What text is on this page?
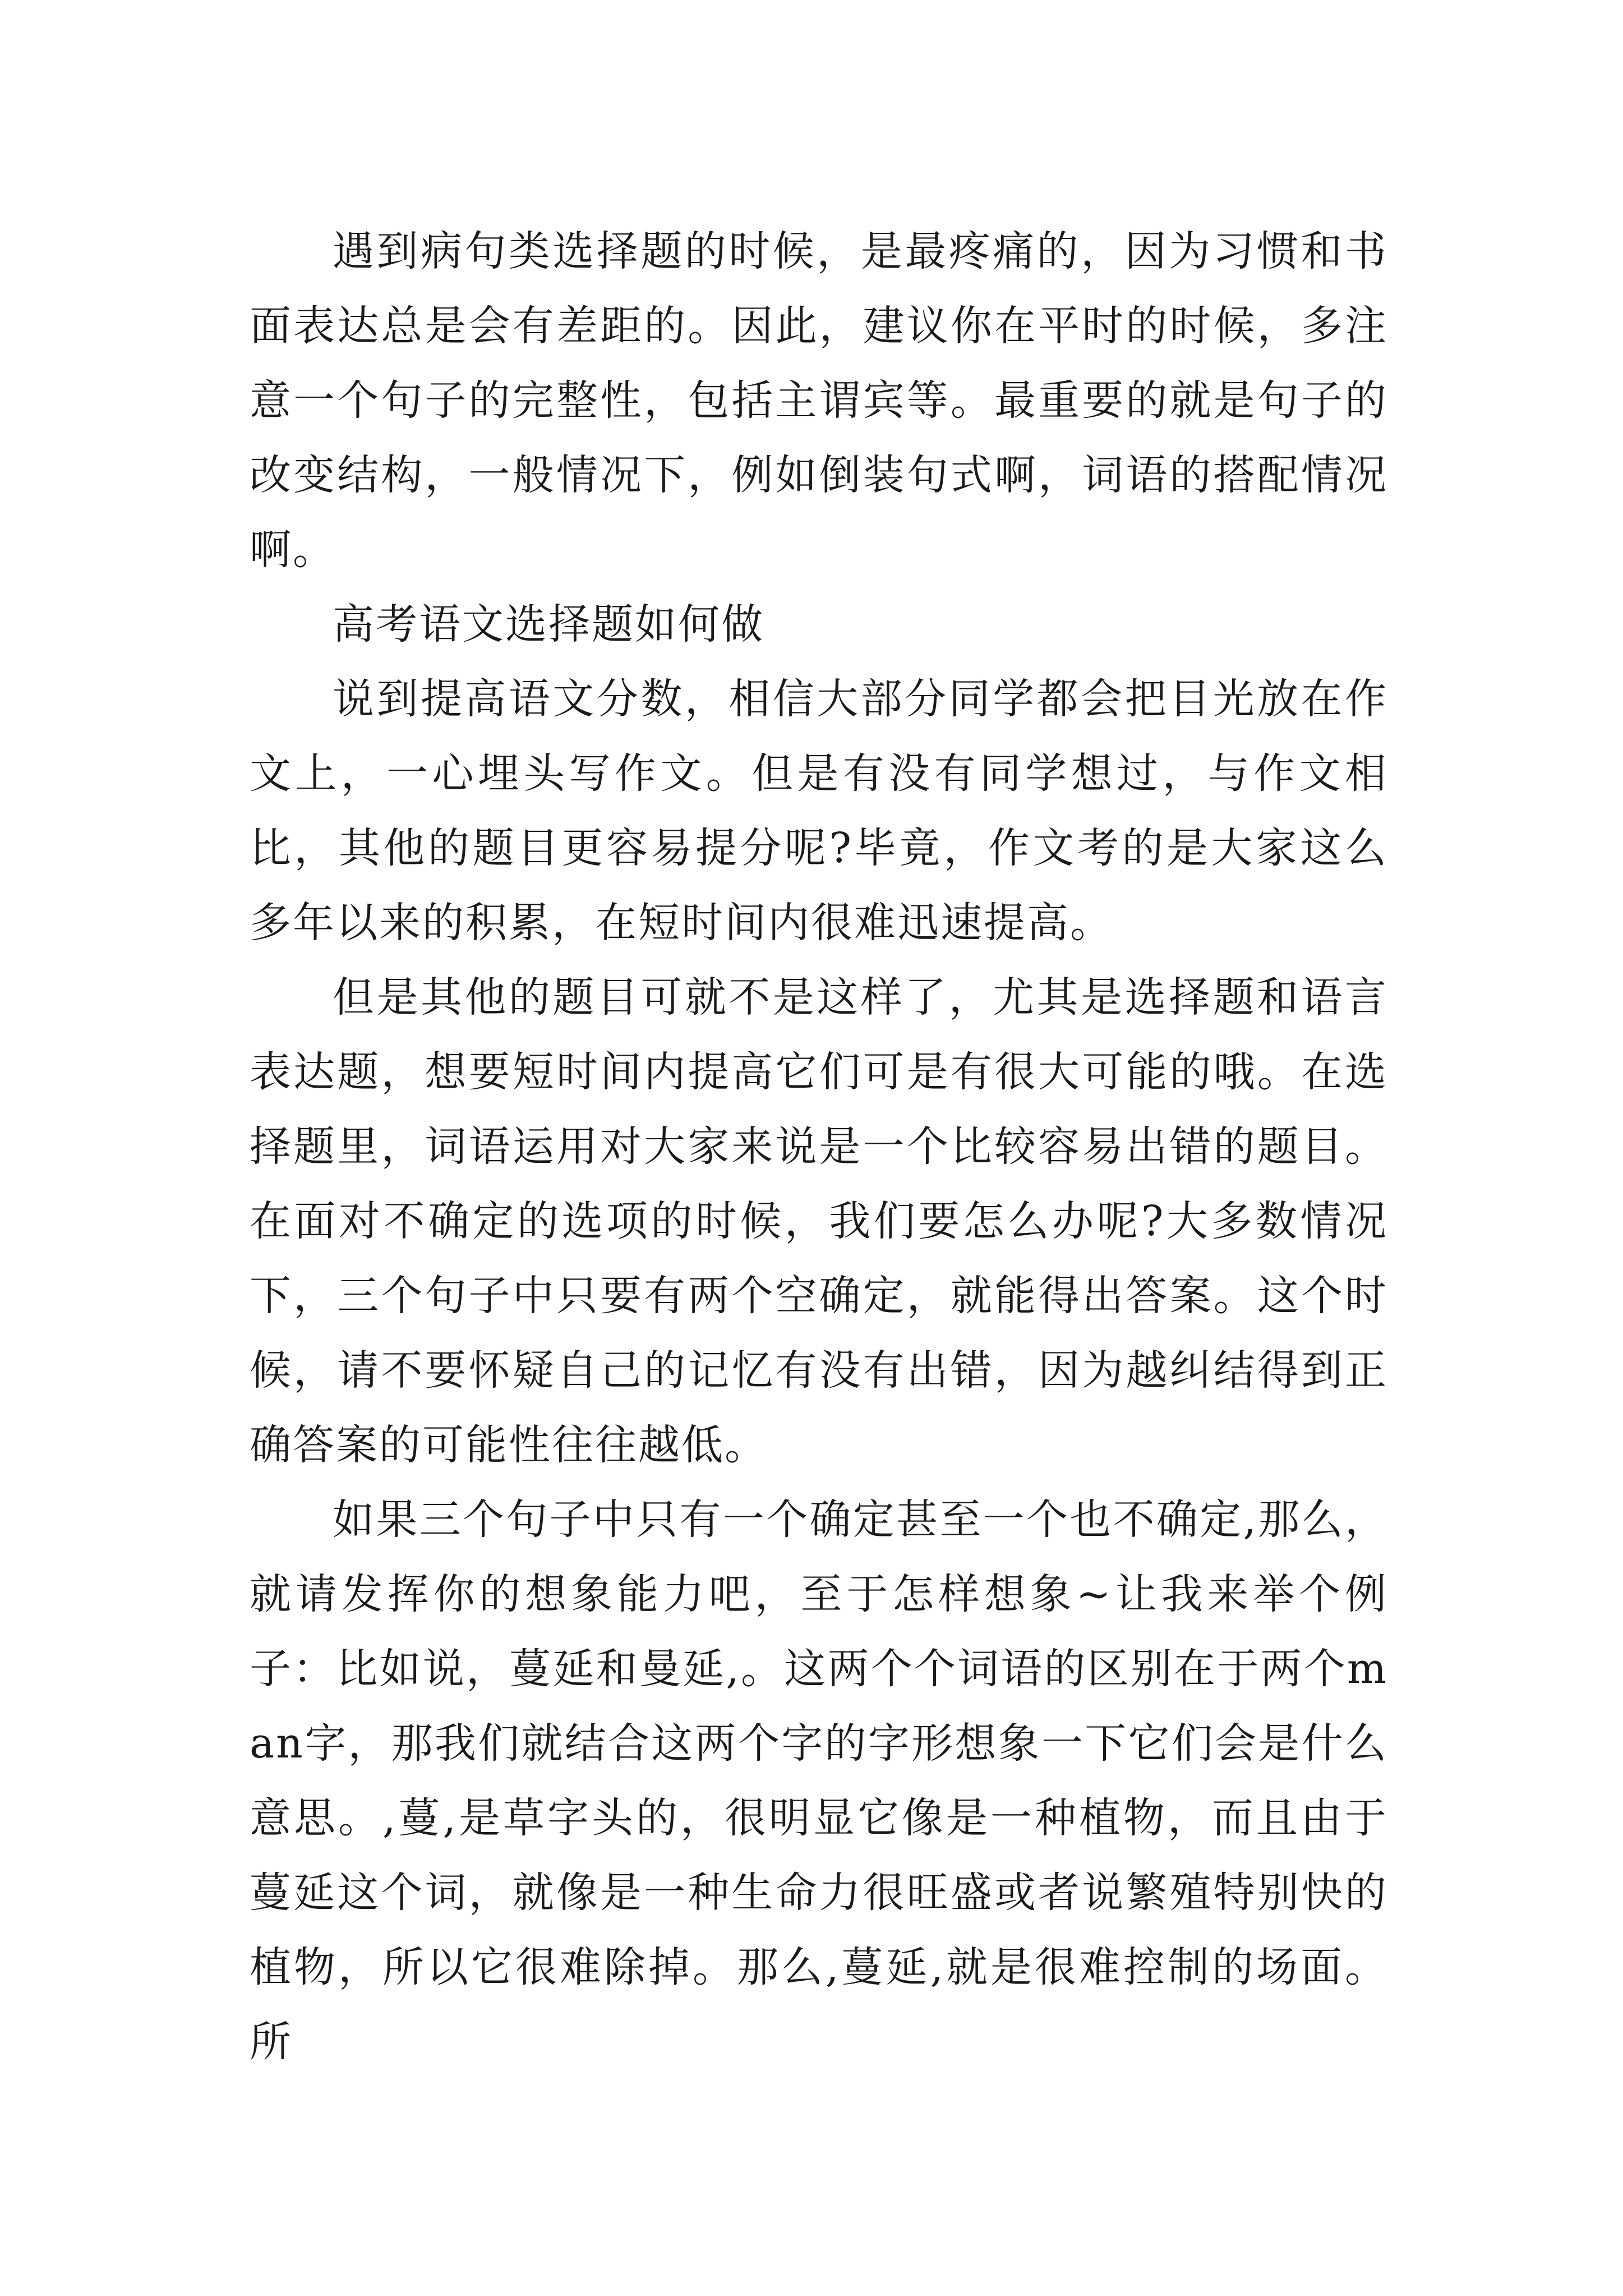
遇到病句类选择题的时候，是最疼痛的，因为习惯和书面表达总是会有差距的。因此，建议你在平时的时候，多注意一个句子的完整性，包括主谓宾等。最重要的就是句子的改变结构，一般情况下，例如倒装句式啊，词语的搭配情况啊。

高考语文选择题如何做

说到提高语文分数，相信大部分同学都会把目光放在作文上，一心埋头写作文。但是有没有同学想过，与作文相比，其他的题目更容易提分呢?毕竟，作文考的是大家这么多年以来的积累，在短时间内很难迅速提高。

但是其他的题目可就不是这样了，尤其是选择题和语言表达题，想要短时间内提高它们可是有很大可能的哦。在选择题里，词语运用对大家来说是一个比较容易出错的题目。在面对不确定的选项的时候，我们要怎么办呢?大多数情况下，三个句子中只要有两个空确定，就能得出答案。这个时候，请不要怀疑自己的记忆有没有出错，因为越纠结得到正确答案的可能性往往越低。

如果三个句子中只有一个确定甚至一个也不确定,那么，就请发挥你的想象能力吧，至于怎样想象~让我来举个例子：比如说，蔓延和曼延,。这两个个词语的区别在于两个man字，那我们就结合这两个字的字形想象一下它们会是什么意思。,蔓,是草字头的，很明显它像是一种植物，而且由于蔓延这个词，就像是一种生命力很旺盛或者说繁殖特别快的植物，所以它很难除掉。那么,蔓延,就是很难控制的场面。所
